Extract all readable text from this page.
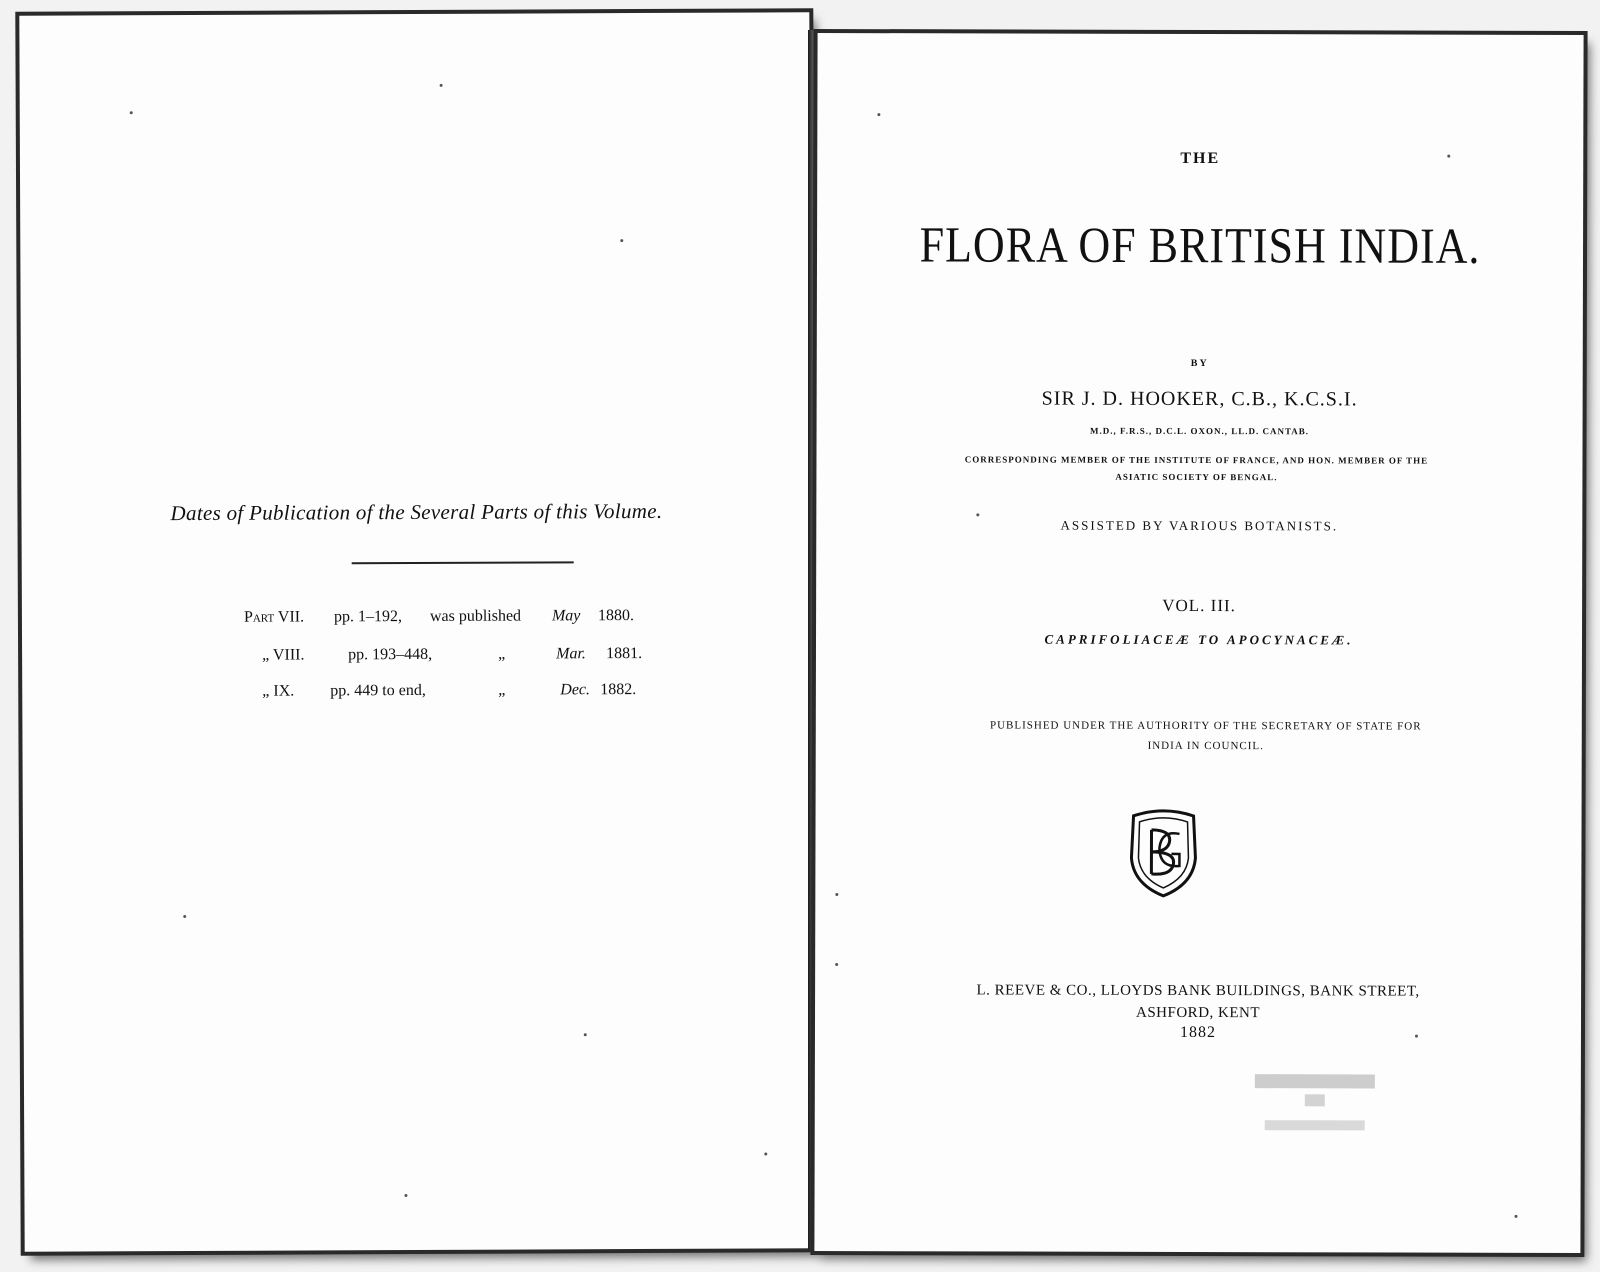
Dates of Publication of the Several Parts of this Volume.
Part VII. pp. 1–192, was published May 1880.
„ VIII.	pp. 193–448,	„	Mar. 1881.
„ IX. pp. 449 to end,	„	Dec. 1882.
THE
FLORA OF BRITISH INDIA.
BY
SIR J. D. HOOKER, C.B., K.C.S.I.
M.D., F.R.S., D.C.L. OXON., LL.D. CANTAB.
CORRESPONDING MEMBER OF THE INSTITUTE OF FRANCE, AND HON. MEMBER OF THE
ASIATIC SOCIETY OF BENGAL.
ASSISTED BY VARIOUS BOTANISTS.
VOL. III.
CAPRIFOLIACEÆ TO APOCYNACEÆ.
PUBLISHED UNDER THE AUTHORITY OF THE SECRETARY OF STATE FOR
INDIA IN COUNCIL.
L. REEVE & CO., LLOYDS BANK BUILDINGS, BANK STREET,
ASHFORD, KENT
1882
